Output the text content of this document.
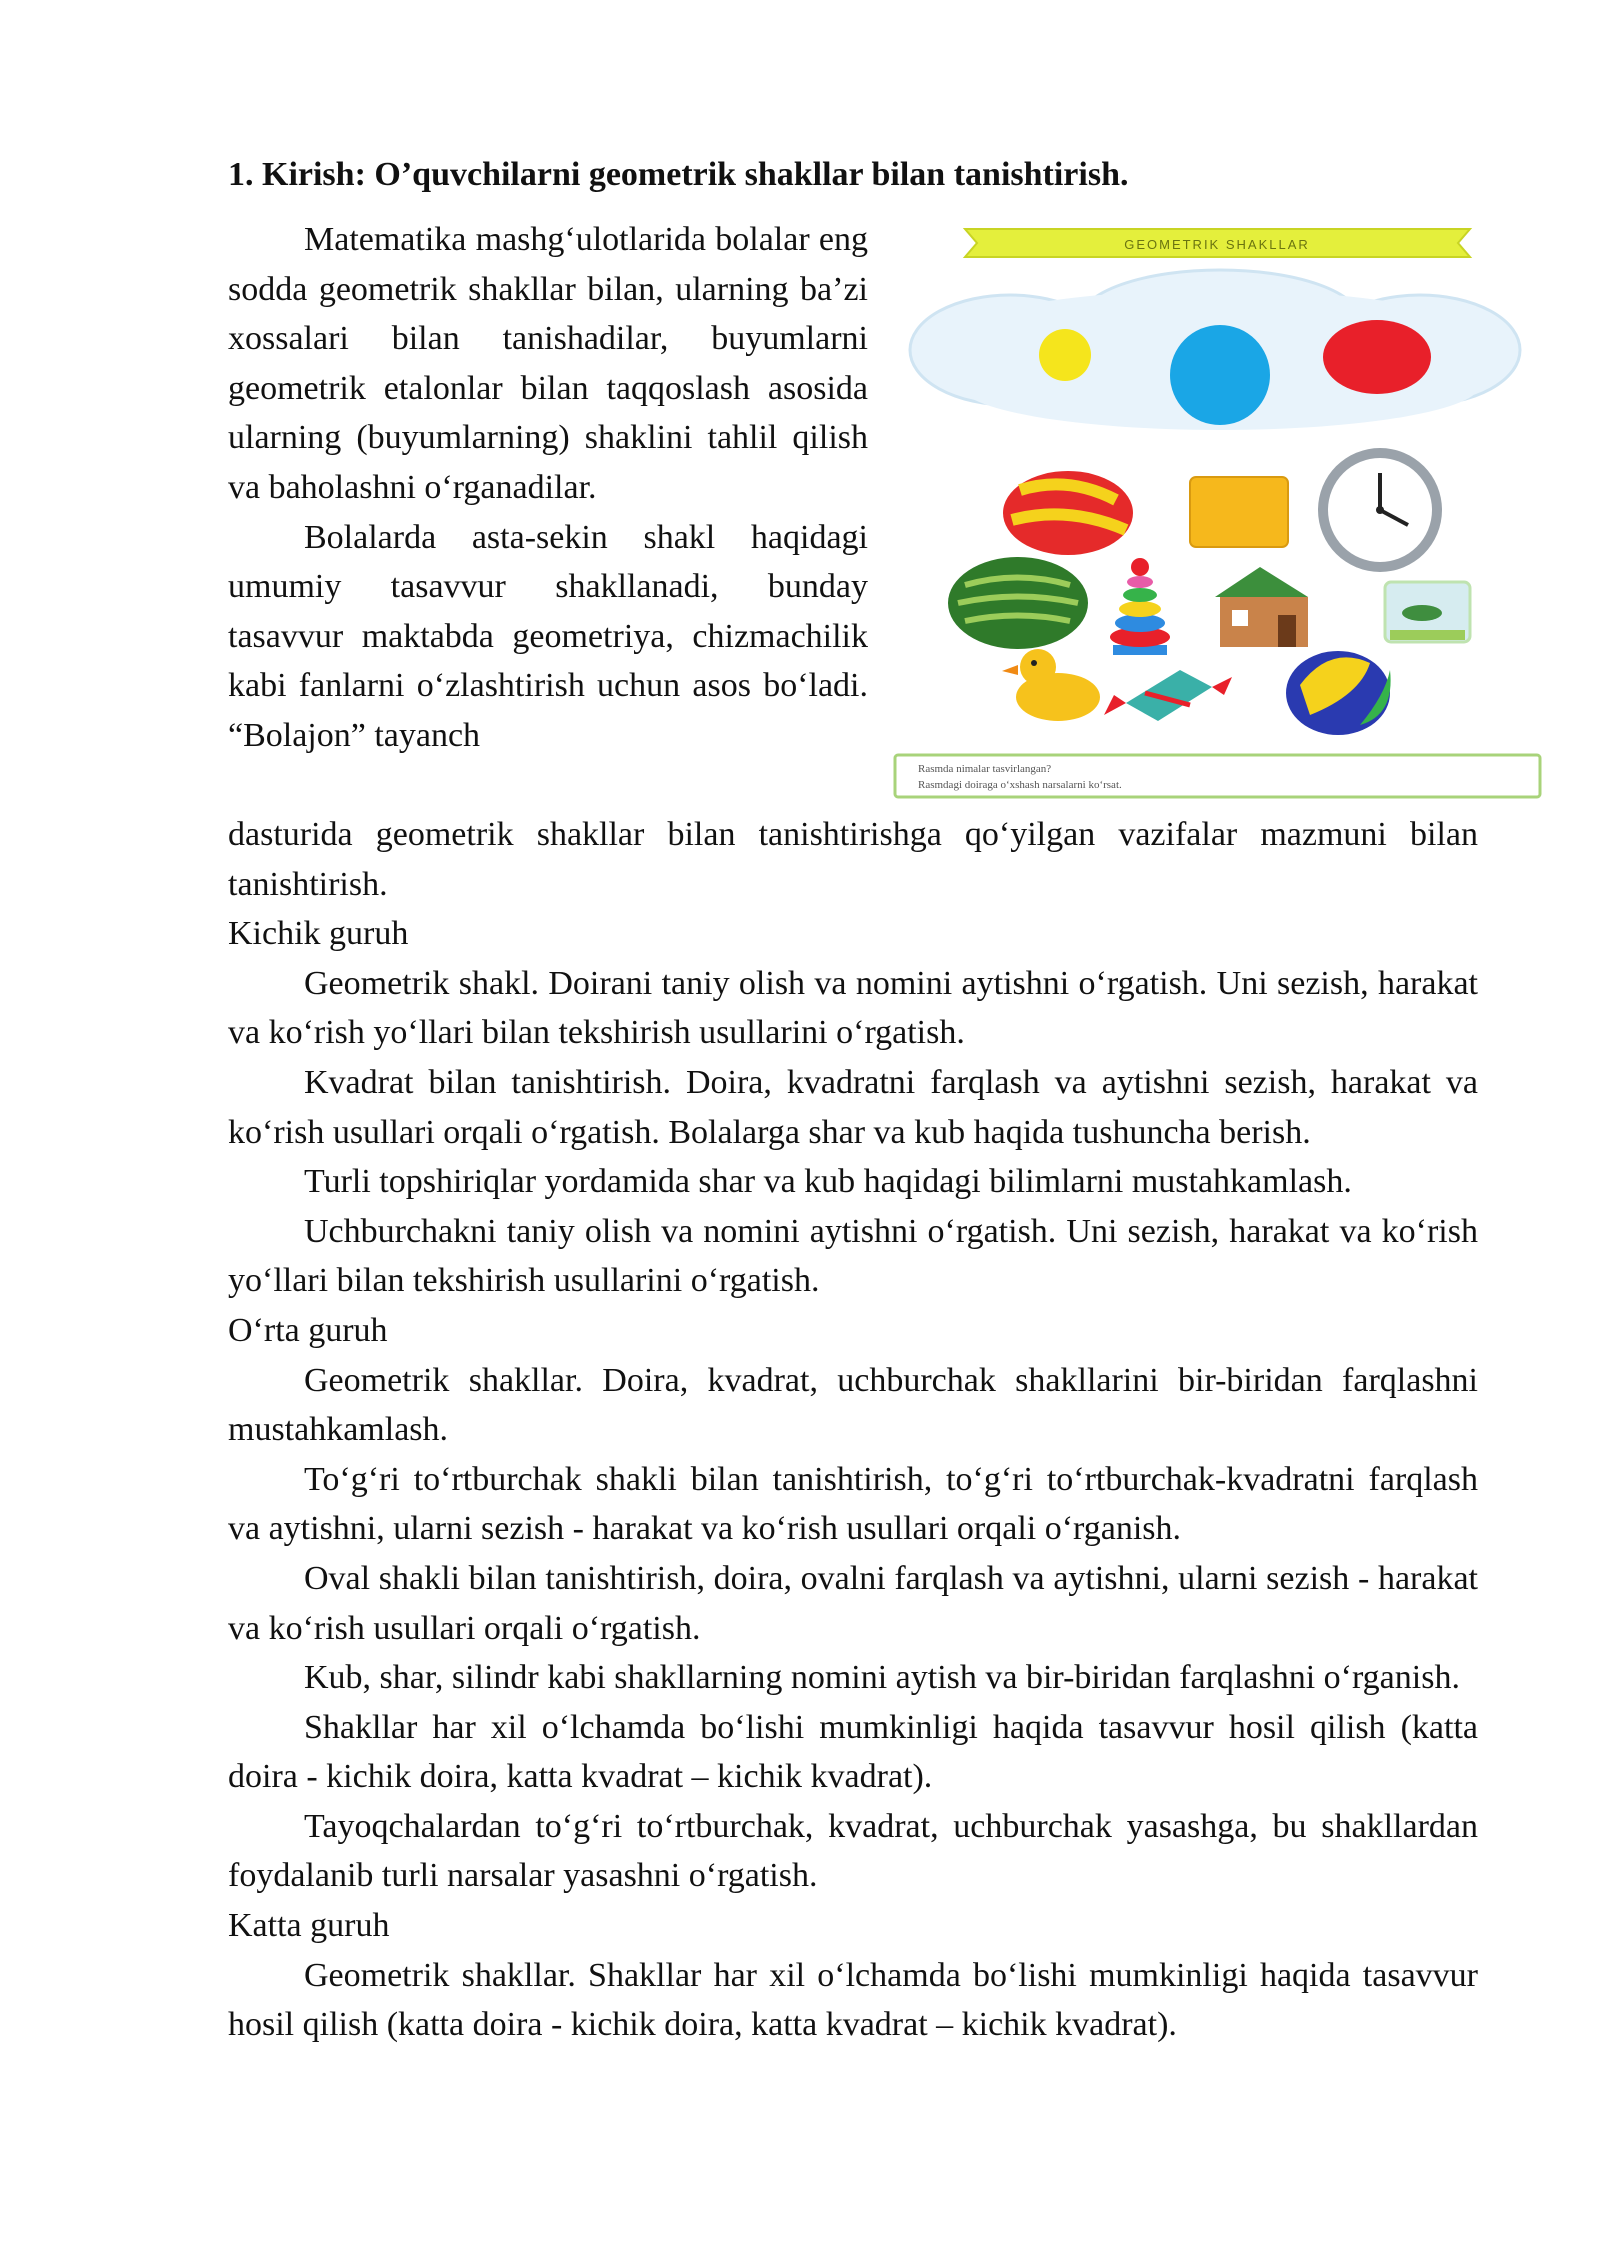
1. Kirish: O’quvchilarni geometrik shakllar bilan tanishtirish.

Matematika mashg‘ulotlarida bolalar eng sodda geometrik shakllar bilan, ularning ba’zi xossalari bilan tanishadilar, buyumlarni geometrik etalonlar bilan taqqoslash asosida ularning (buyumlarning) shaklini tahlil qilish va baholashni o‘rganadilar.

Bolalarda asta-sekin shakl haqidagi umumiy tasavvur shakllanadi, bunday tasavvur maktabda geometriya, chizmachilik kabi fanlarni o‘zlashtirish uchun asos bo‘ladi. “Bolajon” tayanch

GEOMETRIK SHAKLLAR
Rasmda nimalar tasvirlangan?
Rasmdagi doiraga o‘xshash narsalarni ko‘rsat.

dasturida geometrik shakllar bilan tanishtirishga qo‘yilgan vazifalar mazmuni bilan tanishtirish.

Kichik guruh

Geometrik shakl. Doirani taniy olish va nomini aytishni o‘rgatish. Uni sezish, harakat va ko‘rish yo‘llari bilan tekshirish usullarini o‘rgatish.

Kvadrat bilan tanishtirish. Doira, kvadratni farqlash va aytishni sezish, harakat va ko‘rish usullari orqali o‘rgatish. Bolalarga shar va kub haqida tushuncha berish.

Turli topshiriqlar yordamida shar va kub haqidagi bilimlarni mustahkamlash.

Uchburchakni taniy olish va nomini aytishni o‘rgatish. Uni sezish, harakat va ko‘rish yo‘llari bilan tekshirish usullarini o‘rgatish.

O‘rta guruh

Geometrik shakllar. Doira, kvadrat, uchburchak shakllarini bir-biridan farqlashni mustahkamlash.

To‘g‘ri to‘rtburchak shakli bilan tanishtirish, to‘g‘ri to‘rtburchak-kvadratni farqlash va aytishni, ularni sezish - harakat va ko‘rish usullari orqali o‘rganish.

Oval shakli bilan tanishtirish, doira, ovalni farqlash va aytishni, ularni sezish - harakat va ko‘rish usullari orqali o‘rgatish.

Kub, shar, silindr kabi shakllarning nomini aytish va bir-biridan farqlashni o‘rganish.

Shakllar har xil o‘lchamda bo‘lishi mumkinligi haqida tasavvur hosil qilish (katta doira - kichik doira, katta kvadrat – kichik kvadrat).

Tayoqchalardan to‘g‘ri to‘rtburchak, kvadrat, uchburchak yasashga, bu shakllardan foydalanib turli narsalar yasashni o‘rgatish.

Katta guruh

Geometrik shakllar. Shakllar har xil o‘lchamda bo‘lishi mumkinligi haqida tasavvur hosil qilish (katta doira - kichik doira, katta kvadrat – kichik kvadrat).
